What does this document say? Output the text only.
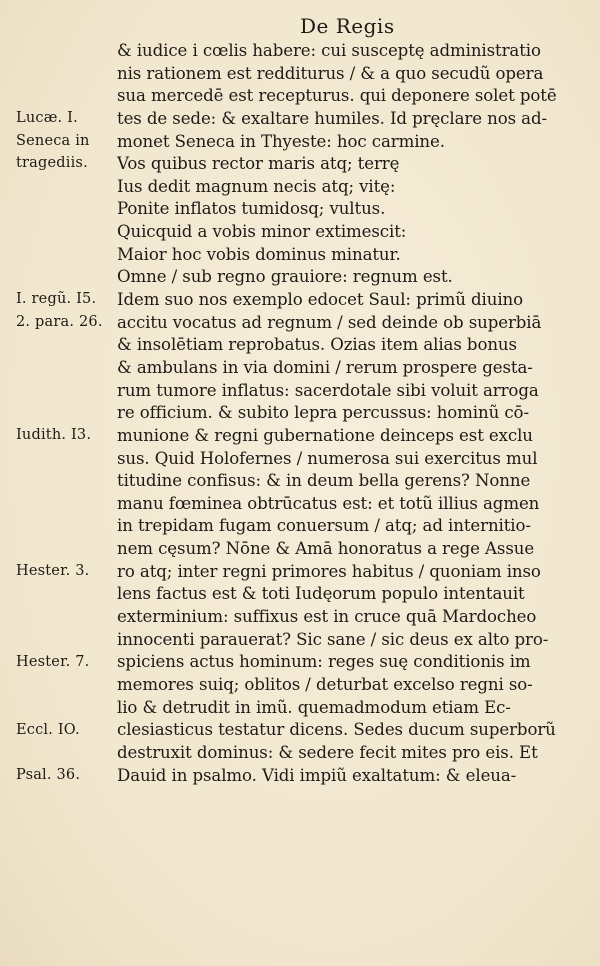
De Regis
& iudice i cœlis habere: cui susceptę administratio
nis rationem est redditurus / & a quo secudũ opera
sua mercedē est recepturus. qui deponere solet potē
tes de sede: & exaltare humiles. Id pręclare nos ad-
monet Seneca in Thyeste: hoc carmine.
Vos quibus rector maris atq; terrę
Ius dedit magnum necis atq; vitę:
Ponite inflatos tumidosq; vultus.
Quicquid a vobis minor extimescit:
Maior hoc vobis dominus minatur.
Omne / sub regno grauiore: regnum est.
Idem suo nos exemplo edocet Saul: primũ diuino
accitu vocatus ad regnum / sed deinde ob superbiā
& insolētiam reprobatus. Ozias item alias bonus
& ambulans in via domini / rerum prospere gesta-
rum tumore inflatus: sacerdotale sibi voluit arroga
re officium. & subito lepra percussus: hominũ cō-
munione & regni gubernatione deinceps est exclu
sus. Quid Holofernes / numerosa sui exercitus mul
titudine confisus: & in deum bella gerens? Nonne
manu fœminea obtrūcatus est: et totũ illius agmen
in trepidam fugam conuersum / atq; ad internitio-
nem cęsum? Nōne & Amā honoratus a rege Assue
ro atq; inter regni primores habitus / quoniam inso
lens factus est & toti Iudęorum populo intentauit
exterminium: suffixus est in cruce quā Mardocheo
innocenti parauerat? Sic sane / sic deus ex alto pro-
spiciens actus hominum: reges suę conditionis im
memores suiq; oblitos / deturbat excelso regni so-
lio & detrudit in imũ. quemadmodum etiam Ec-
clesiasticus testatur dicens. Sedes ducum superborũ
destruxit dominus: & sedere fecit mites pro eis. Et
Dauid in psalmo. Vidi impiũ exaltatum: & eleua-
Lucæ. I.
Seneca in
tragediis.
I. regũ. I5.
2. para. 26.
Iudith. I3.
Hester. 3.
Hester. 7.
Eccl. IO.
Psal. 36.
